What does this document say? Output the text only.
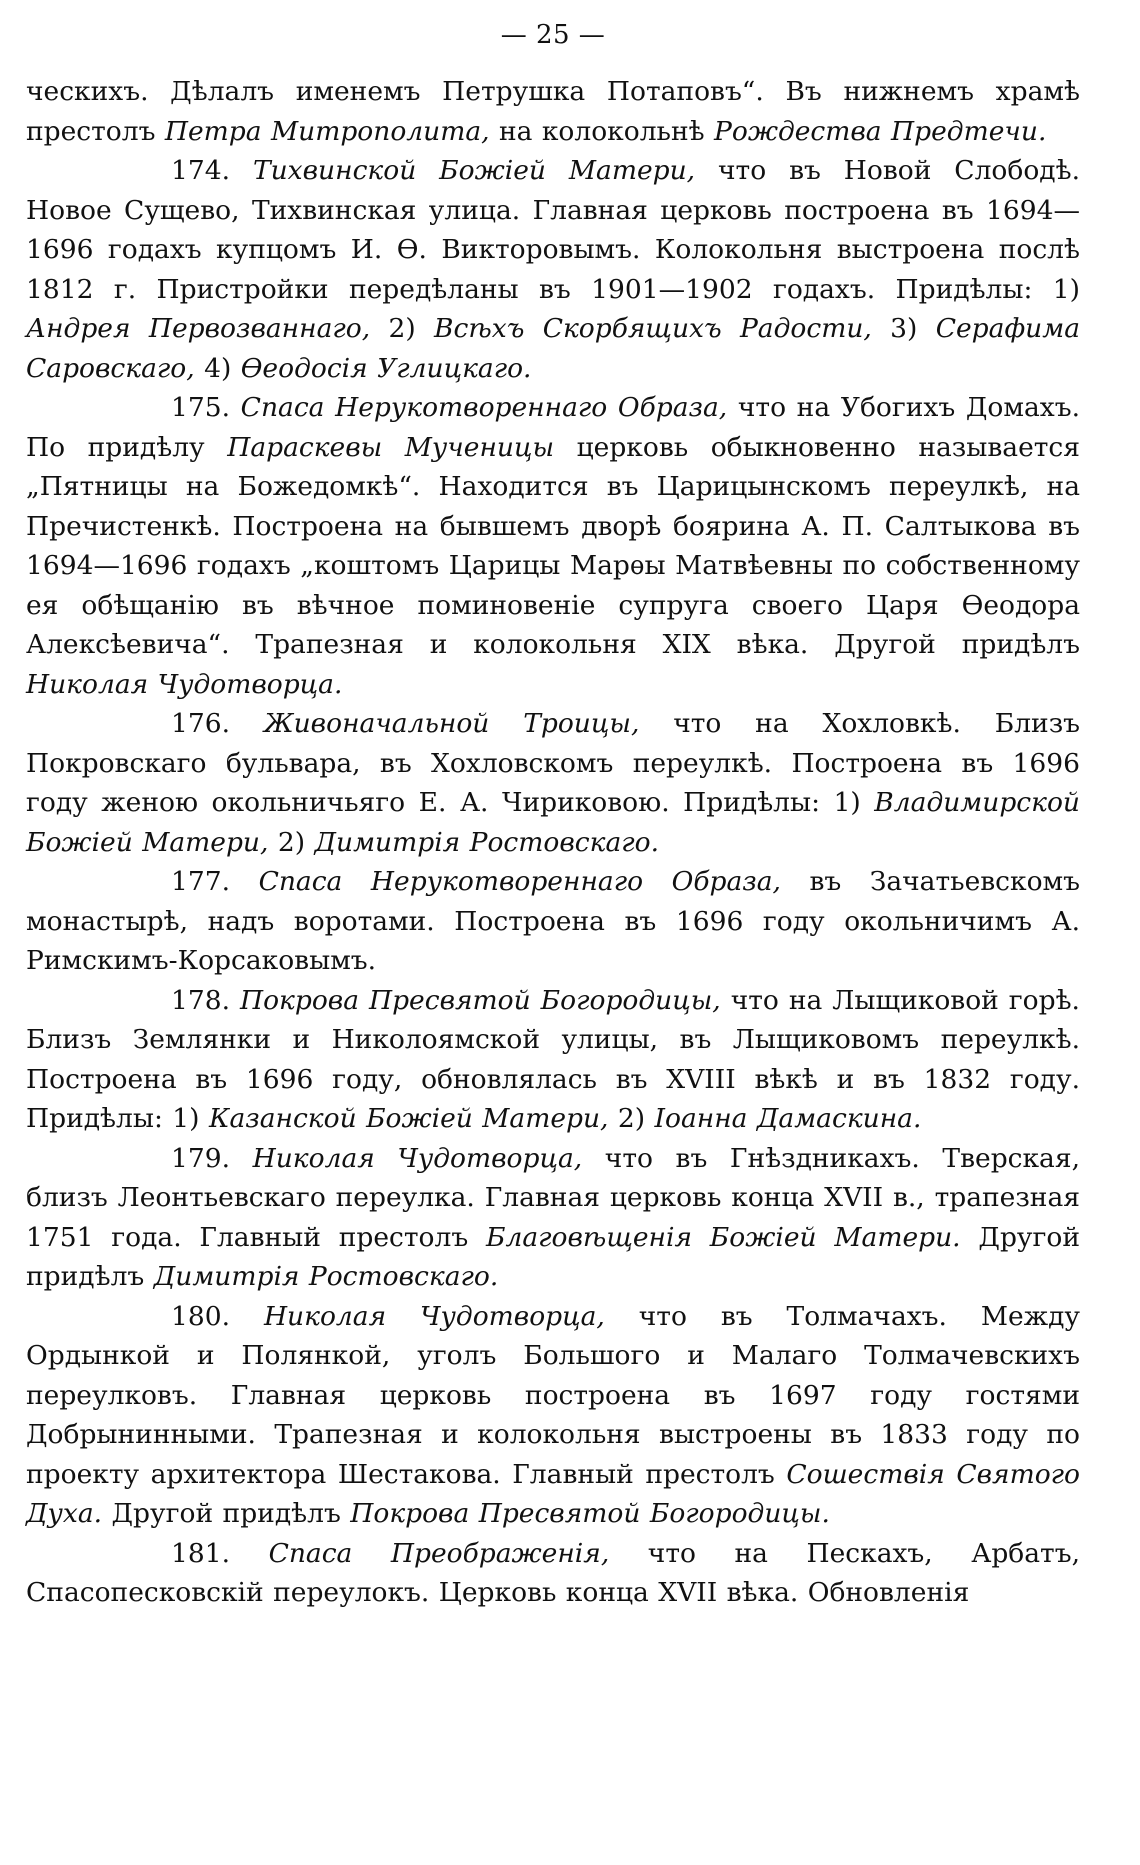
— 25 —

ческихъ. Дѣлалъ именемъ Петрушка Потаповъ“. Въ нижнемъ храмѣ престолъ Петра Митрополита, на колокольнѣ Рождества Предтечи.

174. Тихвинской Божіей Матери, что въ Новой Слободѣ. Новое Сущево, Тихвинская улица. Главная церковь построена въ 1694—1696 годахъ купцомъ И. Ѳ. Викторовымъ. Колокольня выстроена послѣ 1812 г. Пристройки передѣланы въ 1901—1902 годахъ. Придѣлы: 1) Андрея Первозваннаго, 2) Всѣхъ Скорбящихъ Радости, 3) Серафима Саровскаго, 4) Ѳеодосія Углицкаго.

175. Спаса Нерукотвореннаго Образа, что на Убогихъ Домахъ. По придѣлу Параскевы Мученицы церковь обыкновенно называется „Пятницы на Божедомкѣ“. Находится въ Царицынскомъ переулкѣ, на Пречистенкѣ. Построена на бывшемъ дворѣ боярина А. П. Салтыкова въ 1694—1696 годахъ „коштомъ Царицы Марѳы Матвѣевны по собственному ея обѣщанію въ вѣчное поминовеніе супруга своего Царя Ѳеодора Алексѣевича“. Трапезная и колокольня XIX вѣка. Другой придѣлъ Николая Чудотворца.

176. Живоначальной Троицы, что на Хохловкѣ. Близъ Покровскаго бульвара, въ Хохловскомъ переулкѣ. Построена въ 1696 году женою окольничьяго Е. А. Чириковою. Придѣлы: 1) Владимирской Божіей Матери, 2) Димитрія Ростовскаго.

177. Спаса Нерукотвореннаго Образа, въ Зачатьевскомъ монастырѣ, надъ воротами. Построена въ 1696 году окольничимъ А. Римскимъ-Корсаковымъ.

178. Покрова Пресвятой Богородицы, что на Лыщиковой горѣ. Близъ Землянки и Николоямской улицы, въ Лыщиковомъ переулкѣ. Построена въ 1696 году, обновлялась въ XVIII вѣкѣ и въ 1832 году. Придѣлы: 1) Казанской Божіей Матери, 2) Іоанна Дамаскина.

179. Николая Чудотворца, что въ Гнѣздникахъ. Тверская, близъ Леонтьевскаго переулка. Главная церковь конца XVII в., трапезная 1751 года. Главный престолъ Благовѣщенія Божіей Матери. Другой придѣлъ Димитрія Ростовскаго.

180. Николая Чудотворца, что въ Толмачахъ. Между Ордынкой и Полянкой, уголъ Большого и Малаго Толмачевскихъ переулковъ. Главная церковь построена въ 1697 году гостями Добрынинными. Трапезная и колокольня выстроены въ 1833 году по проекту архитектора Шестакова. Главный престолъ Сошествія Святого Духа. Другой придѣлъ Покрова Пресвятой Богородицы.

181. Спаса Преображенія, что на Пескахъ, Арбатъ, Спасопесковскій переулокъ. Церковь конца XVII вѣка. Обновленія
